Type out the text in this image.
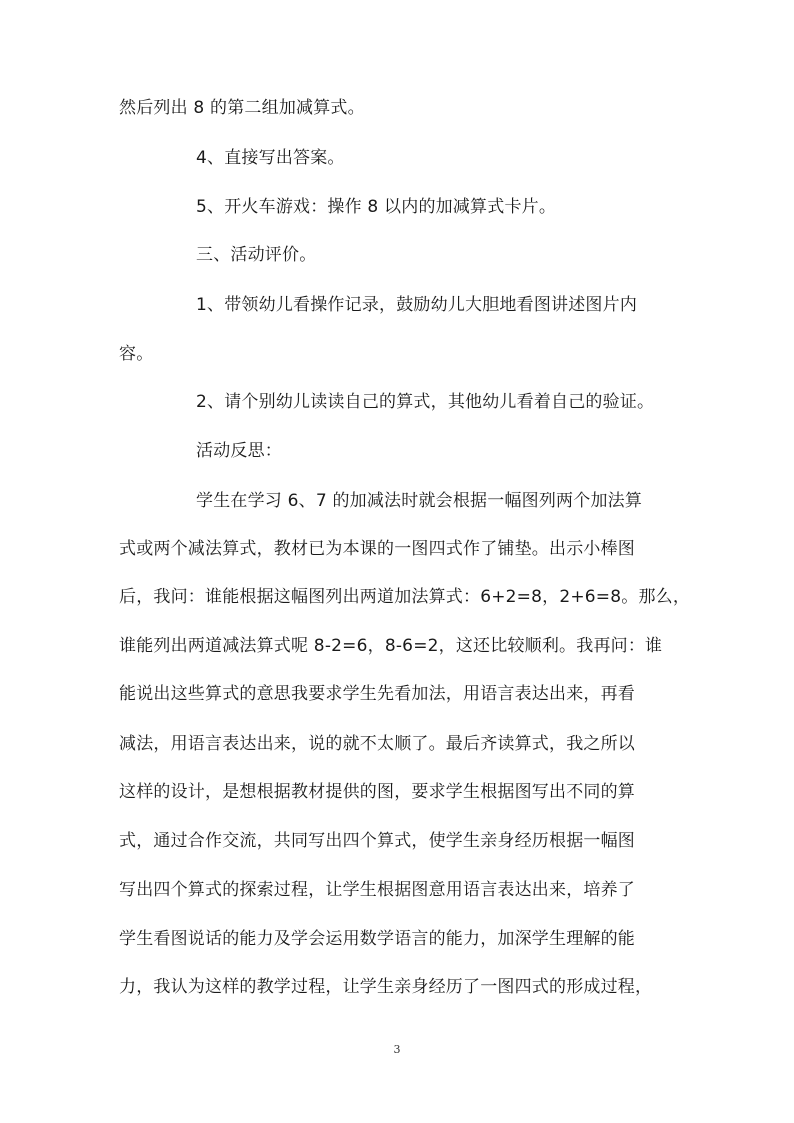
然后列出 8 的第二组加减算式。
4、直接写出答案。
5、开火车游戏：操作 8 以内的加减算式卡片。
三、活动评价。
1、带领幼儿看操作记录，鼓励幼儿大胆地看图讲述图片内
容。
2、请个别幼儿读读自己的算式，其他幼儿看着自己的验证。
活动反思：
学生在学习 6、7 的加减法时就会根据一幅图列两个加法算
式或两个减法算式，教材已为本课的一图四式作了铺垫。出示小棒图
后，我问：谁能根据这幅图列出两道加法算式：6+2=8，2+6=8。那么，
谁能列出两道减法算式呢 8-2=6，8-6=2，这还比较顺利。我再问：谁
能说出这些算式的意思我要求学生先看加法，用语言表达出来，再看
减法，用语言表达出来，说的就不太顺了。最后齐读算式，我之所以
这样的设计，是想根据教材提供的图，要求学生根据图写出不同的算
式，通过合作交流，共同写出四个算式，使学生亲身经历根据一幅图
写出四个算式的探索过程，让学生根据图意用语言表达出来，培养了
学生看图说话的能力及学会运用数学语言的能力，加深学生理解的能
力，我认为这样的教学过程，让学生亲身经历了一图四式的形成过程，
3
